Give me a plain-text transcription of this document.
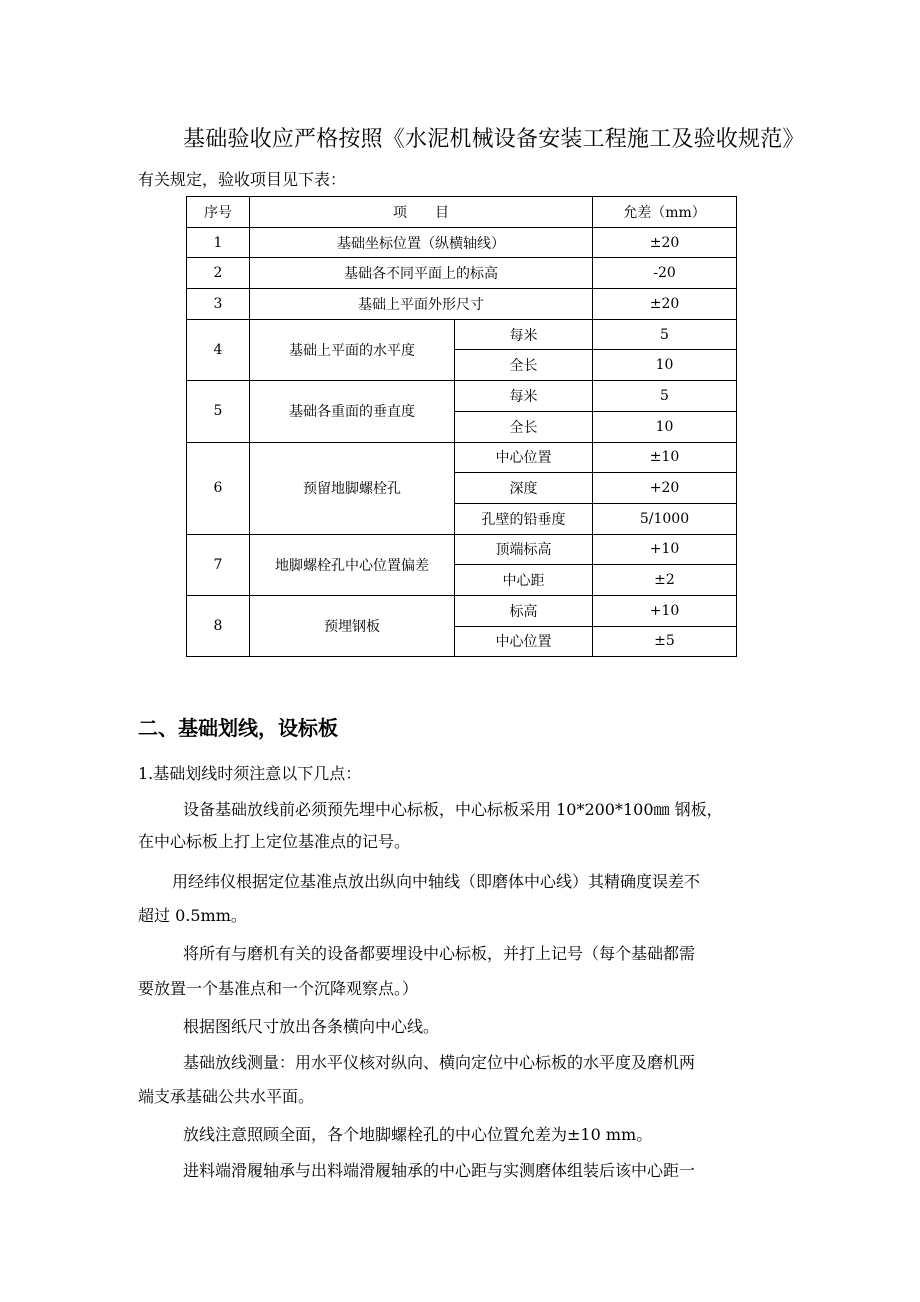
基础验收应严格按照《水泥机械设备安装工程施工及验收规范》
有关规定，验收项目见下表：
序号	项　　目		允差（mm）
1	基础坐标位置（纵横轴线）		±20
2	基础各不同平面上的标高		-20
3	基础上平面外形尺寸		±20
4	基础上平面的水平度	每米	5
		全长	10
5	基础各重面的垂直度	每米	5
		全长	10
6	预留地脚螺栓孔	中心位置	±10
		深度	+20
		孔壁的铅垂度	5/1000
7	地脚螺栓孔中心位置偏差	顶端标高	+10
		中心距	±2
8	预埋钢板	标高	+10
		中心位置	±5
二、基础划线，设标板
1.基础划线时须注意以下几点：
设备基础放线前必须预先埋中心标板，中心标板采用 10*200*100㎜ 钢板，
在中心标板上打上定位基准点的记号。
用经纬仪根据定位基准点放出纵向中轴线（即磨体中心线）其精确度误差不
超过 0.5mm。
将所有与磨机有关的设备都要埋设中心标板，并打上记号（每个基础都需
要放置一个基准点和一个沉降观察点。）
根据图纸尺寸放出各条横向中心线。
基础放线测量：用水平仪核对纵向、横向定位中心标板的水平度及磨机两
端支承基础公共水平面。
放线注意照顾全面，各个地脚螺栓孔的中心位置允差为±10 mm。
进料端滑履轴承与出料端滑履轴承的中心距与实测磨体组装后该中心距一
